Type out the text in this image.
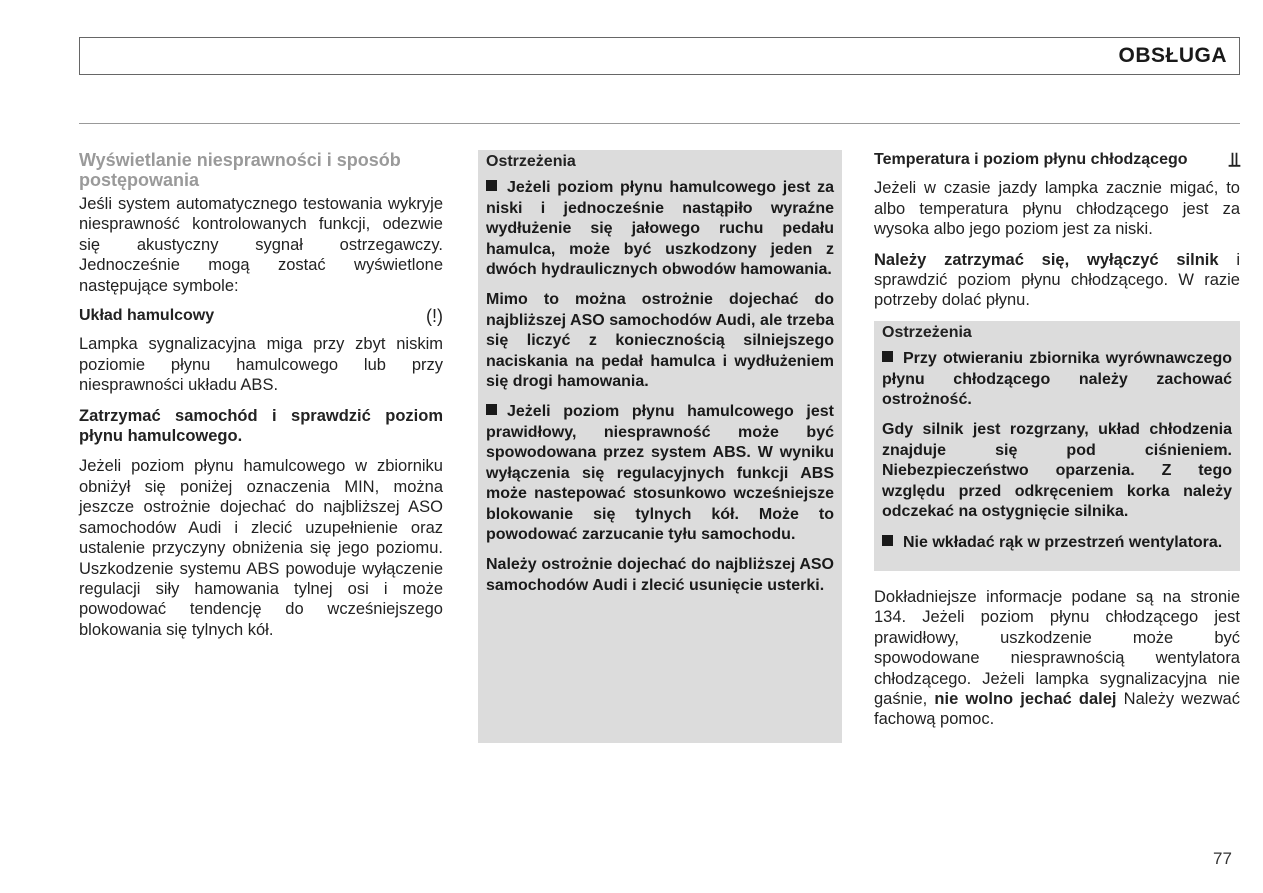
OBSŁUGA
Wyświetlanie niesprawności i sposób postępowania

Jeśli system automatycznego testowania wykryje niesprawność kontrolowanych funkcji, odezwie się akustyczny sygnał ostrzegawczy. Jednocześnie mogą zostać wyświetlone następujące symbole:

Układ hamulcowy	(!)

Lampka sygnalizacyjna miga przy zbyt niskim poziomie płynu hamulcowego lub przy niesprawności układu ABS.

Zatrzymać samochód i sprawdzić poziom płynu hamulcowego.

Jeżeli poziom płynu hamulcowego w zbiorniku obniżył się poniżej oznaczenia MIN, można jeszcze ostrożnie dojechać do najbliższej ASO samochodów Audi i zlecić uzupełnienie oraz ustalenie przyczyny obniżenia się jego poziomu. Uszkodzenie systemu ABS powoduje wyłączenie regulacji siły hamowania tylnej osi i może powodować tendencję do wcześniejszego blokowania się tylnych kół.

Ostrzeżenia

Jeżeli poziom płynu hamulcowego jest za niski i jednocześnie nastąpiło wyraźne wydłużenie się jałowego ruchu pedału hamulca, może być uszkodzony jeden z dwóch hydraulicznych obwodów hamowania.

Mimo to można ostrożnie dojechać do najbliższej ASO samochodów Audi, ale trzeba się liczyć z koniecznością silniejszego naciskania na pedał hamulca i wydłużeniem się drogi hamowania.

Jeżeli poziom płynu hamulcowego jest prawidłowy, niesprawność może być spowodowana przez system ABS. W wyniku wyłączenia się regulacyjnych funkcji ABS może nastepować stosunkowo wcześniejsze blokowanie się tylnych kół. Może to powodować zarzucanie tyłu samochodu.

Należy ostrożnie dojechać do najbliższej ASO samochodów Audi i zlecić usunięcie usterki.

Temperatura i poziom płynu chłodzącego ⫫

Jeżeli w czasie jazdy lampka zacznie migać, to albo temperatura płynu chłodzącego jest za wysoka albo jego poziom jest za niski.

Należy zatrzymać się, wyłączyć silnik i sprawdzić poziom płynu chłodzącego. W razie potrzeby dolać płynu.

Ostrzeżenia

Przy otwieraniu zbiornika wyrównawczego płynu chłodzącego należy zachować ostrożność.

Gdy silnik jest rozgrzany, układ chłodzenia znajduje się pod ciśnieniem. Niebezpieczeństwo oparzenia. Z tego względu przed odkręceniem korka należy odczekać na ostygnięcie silnika.

Nie wkładać rąk w przestrzeń wentylatora.

Dokładniejsze informacje podane są na stronie 134. Jeżeli poziom płynu chłodzącego jest prawidłowy, uszkodzenie może być spowodowane niesprawnością wentylatora chłodzącego. Jeżeli lampka sygnalizacyjna nie gaśnie, nie wolno jechać dalej Należy wezwać fachową pomoc.

77
